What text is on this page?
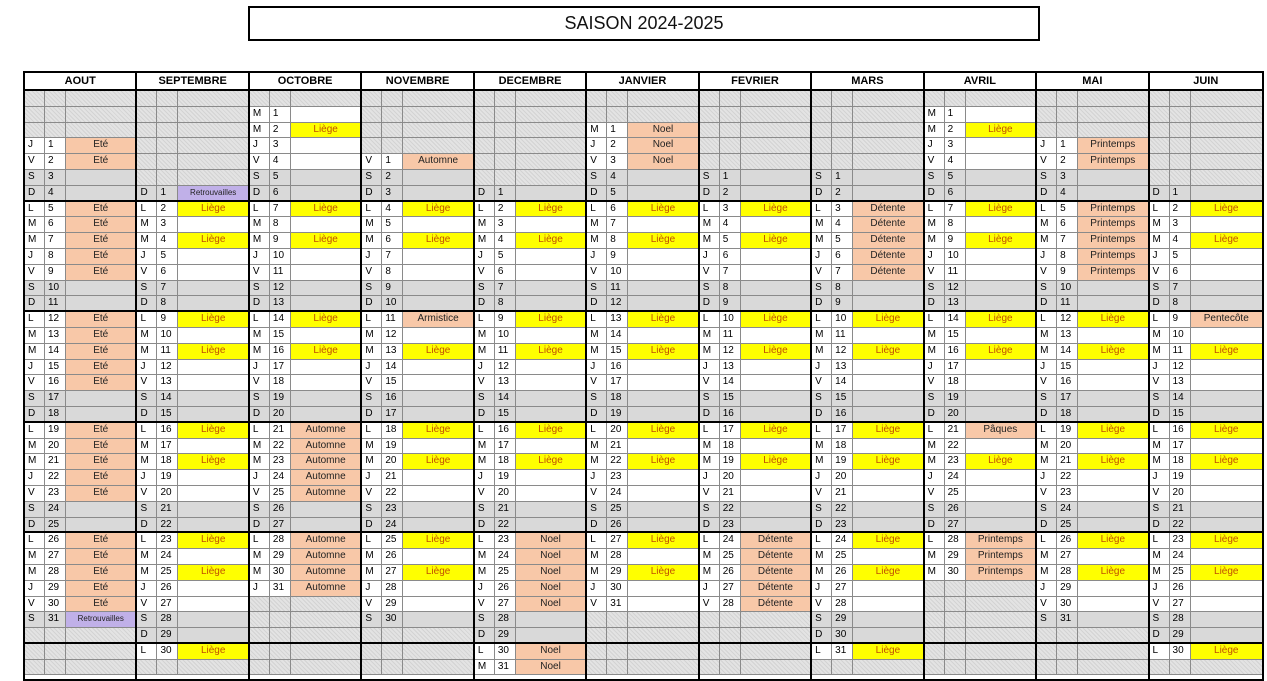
SAISON 2024-2025
AOUT
J	1	Eté
V	2	Eté
S	3
D	4
L	5	Eté
M	6	Eté
M	7	Eté
J	8	Eté
V	9	Eté
S	10
D	11
L	12	Eté
M	13	Eté
M	14	Eté
J	15	Eté
V	16	Eté
S	17
D	18
L	19	Eté
M	20	Eté
M	21	Eté
J	22	Eté
V	23	Eté
S	24
D	25
L	26	Eté
M	27	Eté
M	28	Eté
J	29	Eté
V	30	Eté
S	31	Retrouvailles
SEPTEMBRE
D	1	Retrouvailles
L	2	Liège
M	3
M	4	Liège
J	5
V	6
S	7
D	8
L	9	Liège
M	10
M	11	Liège
J	12
V	13
S	14
D	15
L	16	Liège
M	17
M	18	Liège
J	19
V	20
S	21
D	22
L	23	Liège
M	24
M	25	Liège
J	26
V	27
S	28
D	29
L	30	Liège
OCTOBRE
M	1
M	2	Liège
J	3
V	4
S	5
D	6
L	7	Liège
M	8
M	9	Liège
J	10
V	11
S	12
D	13
L	14	Liège
M	15
M	16	Liège
J	17
V	18
S	19
D	20
L	21	Automne
M	22	Automne
M	23	Automne
J	24	Automne
V	25	Automne
S	26
D	27
L	28	Automne
M	29	Automne
M	30	Automne
J	31	Automne
NOVEMBRE
V	1	Automne
S	2
D	3
L	4	Liège
M	5
M	6	Liège
J	7
V	8
S	9
D	10
L	11	Armistice
M	12
M	13	Liège
J	14
V	15
S	16
D	17
L	18	Liège
M	19
M	20	Liège
J	21
V	22
S	23
D	24
L	25	Liège
M	26
M	27	Liège
J	28
V	29
S	30
DECEMBRE
D	1
L	2	Liège
M	3
M	4	Liège
J	5
V	6
S	7
D	8
L	9	Liège
M	10
M	11	Liège
J	12
V	13
S	14
D	15
L	16	Liège
M	17
M	18	Liège
J	19
V	20
S	21
D	22
L	23	Noel
M	24	Noel
M	25	Noel
J	26	Noel
V	27	Noel
S	28
D	29
L	30	Noel
M	31	Noel
JANVIER
M	1	Noel
J	2	Noel
V	3	Noel
S	4
D	5
L	6	Liège
M	7
M	8	Liège
J	9
V	10
S	11
D	12
L	13	Liège
M	14
M	15	Liège
J	16
V	17
S	18
D	19
L	20	Liège
M	21
M	22	Liège
J	23
V	24
S	25
D	26
L	27	Liège
M	28
M	29	Liège
J	30
V	31
FEVRIER
S	1
D	2
L	3	Liège
M	4
M	5	Liège
J	6
V	7
S	8
D	9
L	10	Liège
M	11
M	12	Liège
J	13
V	14
S	15
D	16
L	17	Liège
M	18
M	19	Liège
J	20
V	21
S	22
D	23
L	24	Détente
M	25	Détente
M	26	Détente
J	27	Détente
V	28	Détente
MARS
S	1
D	2
L	3	Détente
M	4	Détente
M	5	Détente
J	6	Détente
V	7	Détente
S	8
D	9
L	10	Liège
M	11
M	12	Liège
J	13
V	14
S	15
D	16
L	17	Liège
M	18
M	19	Liège
J	20
V	21
S	22
D	23
L	24	Liège
M	25
M	26	Liège
J	27
V	28
S	29
D	30
L	31	Liège
AVRIL
M	1
M	2	Liège
J	3
V	4
S	5
D	6
L	7	Liège
M	8
M	9	Liège
J	10
V	11
S	12
D	13
L	14	Liège
M	15
M	16	Liège
J	17
V	18
S	19
D	20
L	21	Pâques
M	22
M	23	Liège
J	24
V	25
S	26
D	27
L	28	Printemps
M	29	Printemps
M	30	Printemps
MAI
J	1	Printemps
V	2	Printemps
S	3
D	4
L	5	Printemps
M	6	Printemps
M	7	Printemps
J	8	Printemps
V	9	Printemps
S	10
D	11
L	12	Liège
M	13
M	14	Liège
J	15
V	16
S	17
D	18
L	19	Liège
M	20
M	21	Liège
J	22
V	23
S	24
D	25
L	26	Liège
M	27
M	28	Liège
J	29
V	30
S	31
JUIN
D	1
L	2	Liège
M	3
M	4	Liège
J	5
V	6
S	7
D	8
L	9	Pentecôte
M	10
M	11	Liège
J	12
V	13
S	14
D	15
L	16	Liège
M	17
M	18	Liège
J	19
V	20
S	21
D	22
L	23	Liège
M	24
M	25	Liège
J	26
V	27
S	28
D	29
L	30	Liège
